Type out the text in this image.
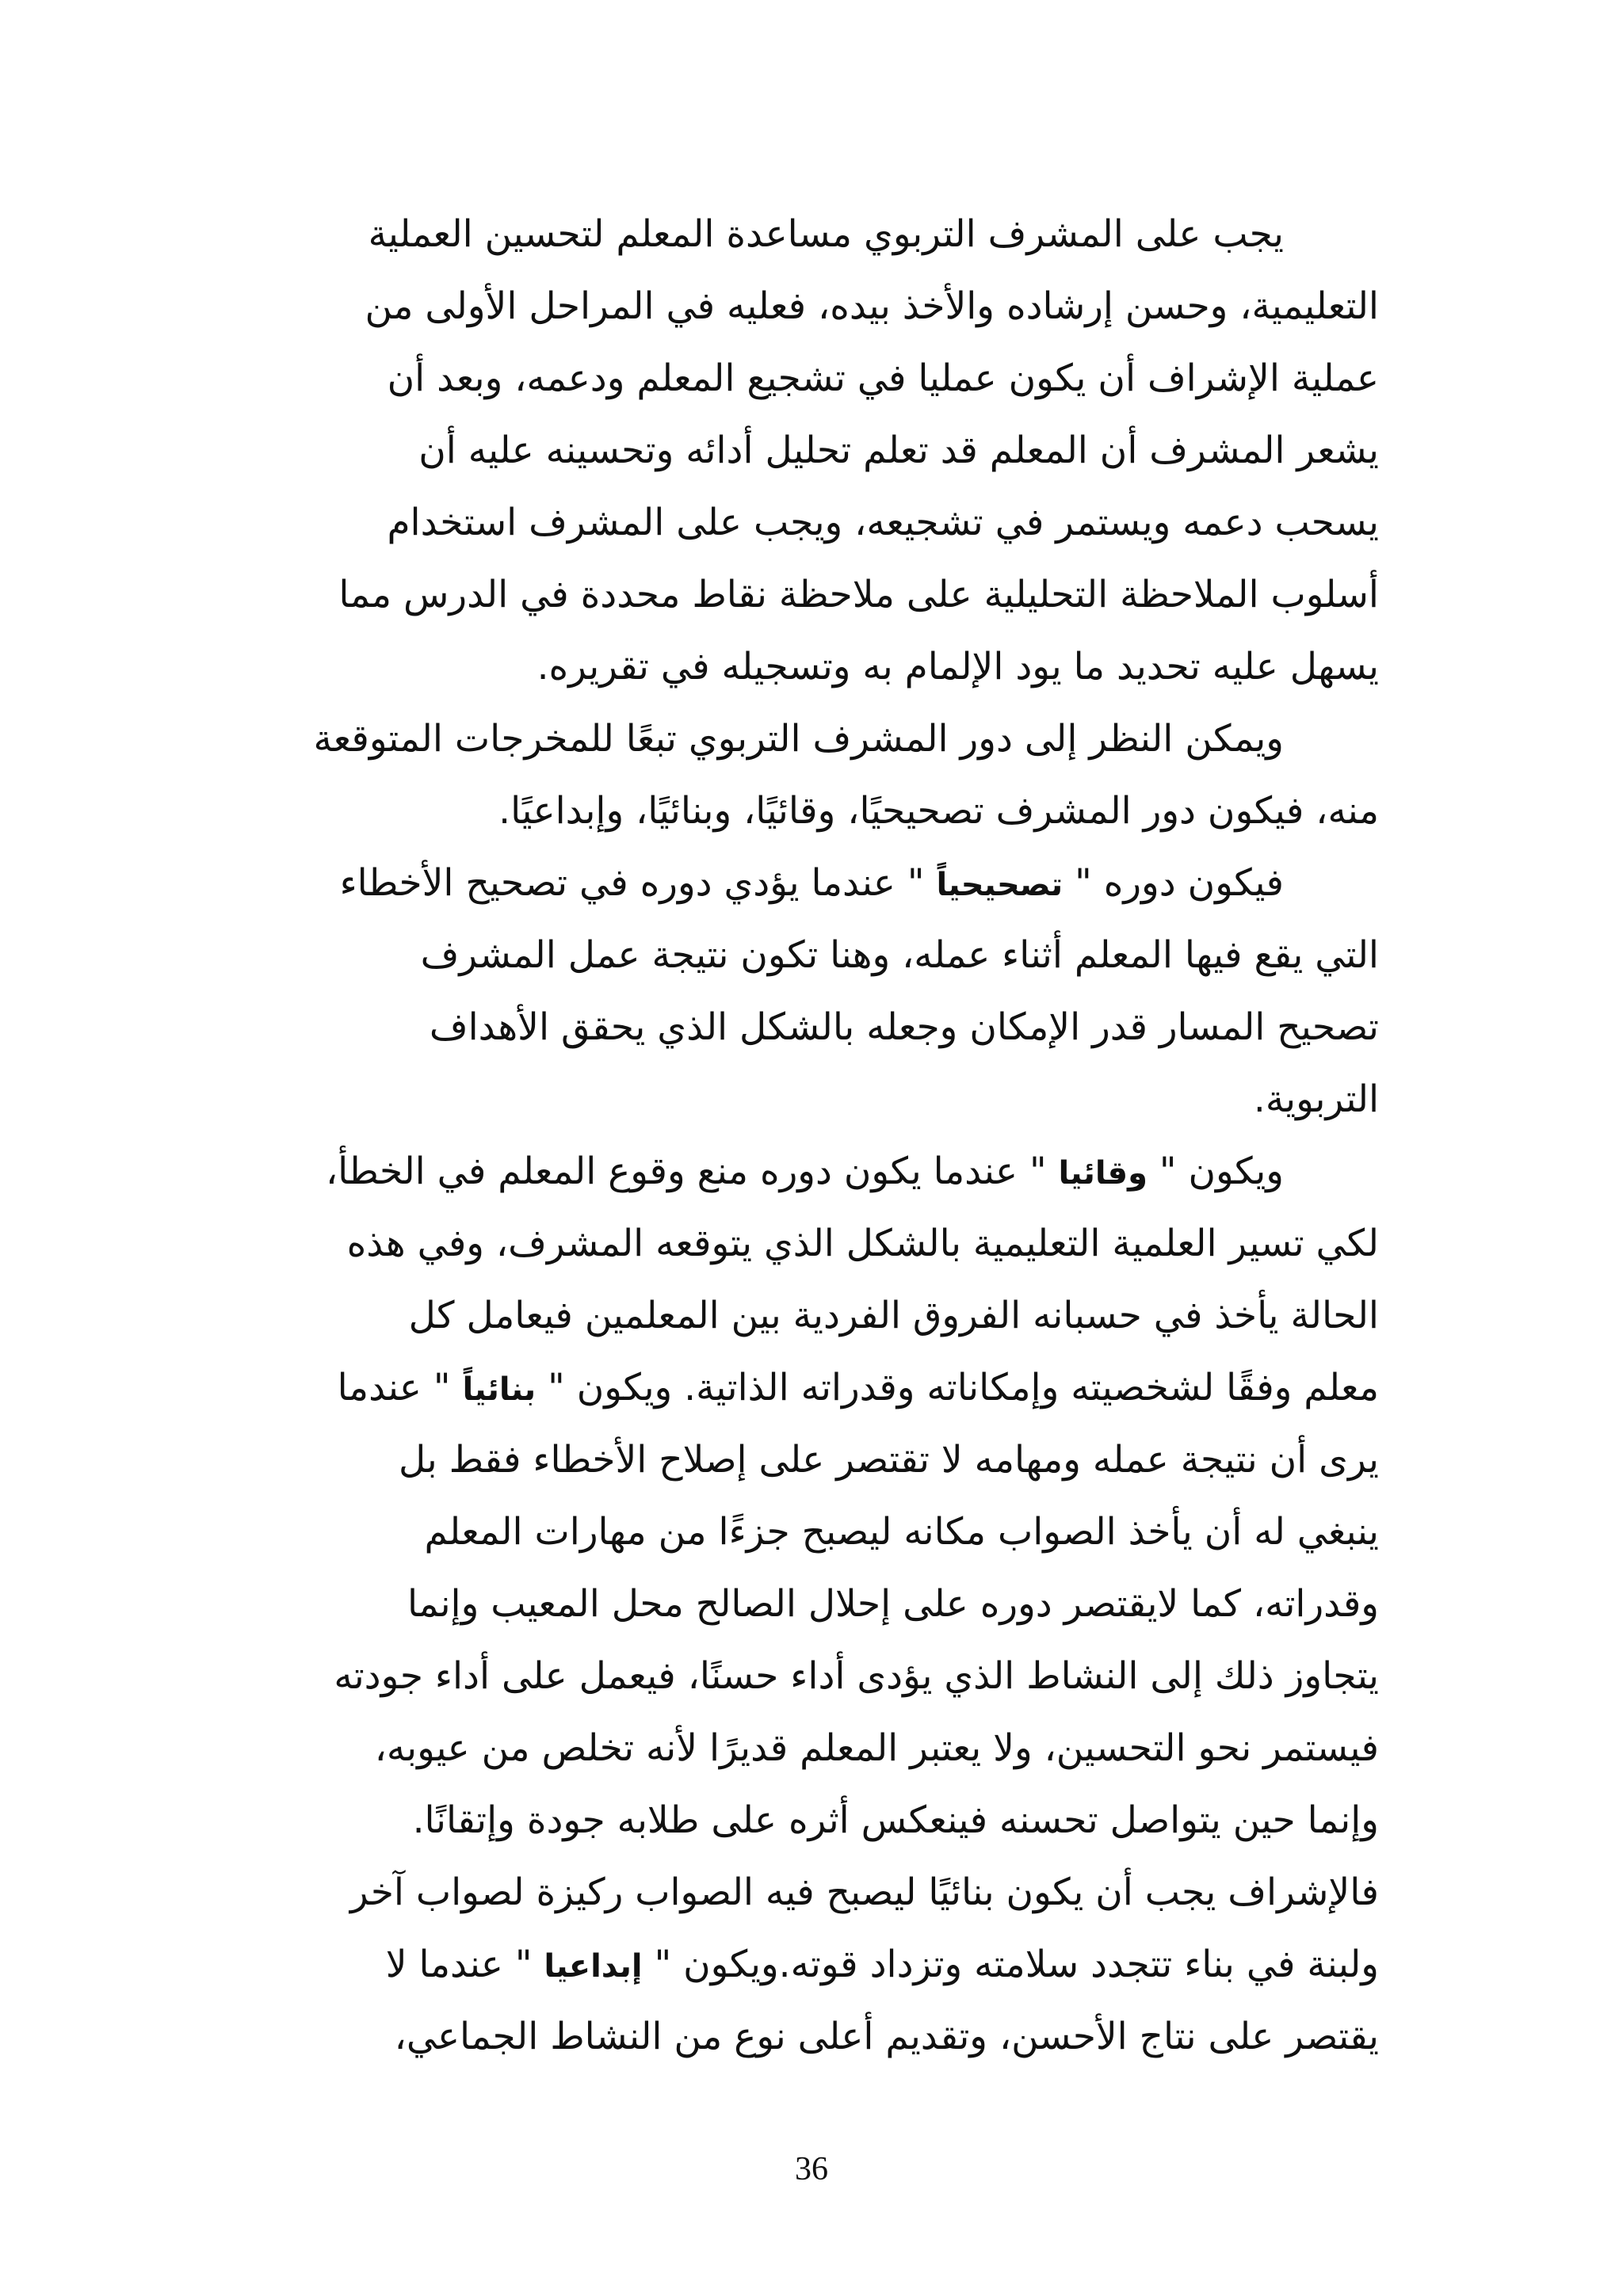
يجب على المشرف التربوي مساعدة المعلم لتحسين العملية
التعليمية، وحسن إرشاده والأخذ بيده، فعليه في المراحل الأولى من
عملية الإشراف أن يكون عمليا في تشجيع المعلم ودعمه، وبعد أن
يشعر المشرف أن المعلم قد تعلم تحليل أدائه وتحسينه عليه أن
يسحب دعمه ويستمر في تشجيعه، ويجب على المشرف استخدام
أسلوب الملاحظة التحليلية على ملاحظة نقاط محددة في الدرس مما
يسهل عليه تحديد ما يود الإلمام به وتسجيله في تقريره.
ويمكن النظر إلى دور المشرف التربوي تبعًا للمخرجات المتوقعة
منه، فيكون دور المشرف تصحيحيًا، وقائيًا، وبنائيًا، وإبداعيًا.
فيكون دوره " تصحيحياً " عندما يؤدي دوره في تصحيح الأخطاء
التي يقع فيها المعلم أثناء عمله، وهنا تكون نتيجة عمل المشرف
تصحيح المسار قدر الإمكان وجعله بالشكل الذي يحقق الأهداف
التربوية.
ويكون " وقائيا " عندما يكون دوره منع وقوع المعلم في الخطأ،
لكي تسير العلمية التعليمية بالشكل الذي يتوقعه المشرف، وفي هذه
الحالة يأخذ في حسبانه الفروق الفردية بين المعلمين فيعامل كل
معلم وفقًا لشخصيته وإمكاناته وقدراته الذاتية. ويكون " بنائياً " عندما
يرى أن نتيجة عمله ومهامه لا تقتصر على إصلاح الأخطاء فقط بل
ينبغي له أن يأخذ الصواب مكانه ليصبح جزءًا من مهارات المعلم
وقدراته، كما لايقتصر دوره على إحلال الصالح محل المعيب وإنما
يتجاوز ذلك إلى النشاط الذي يؤدى أداء حسنًا، فيعمل على أداء جودته
فيستمر نحو التحسين، ولا يعتبر المعلم قديرًا لأنه تخلص من عيوبه،
وإنما حين يتواصل تحسنه فينعكس أثره على طلابه جودة وإتقانًا.
فالإشراف يجب أن يكون بنائيًا ليصبح فيه الصواب ركيزة لصواب آخر
ولبنة في بناء تتجدد سلامته وتزداد قوته.ويكون " إبداعيا " عندما لا
يقتصر على نتاج الأحسن، وتقديم أعلى نوع من النشاط الجماعي،
36
